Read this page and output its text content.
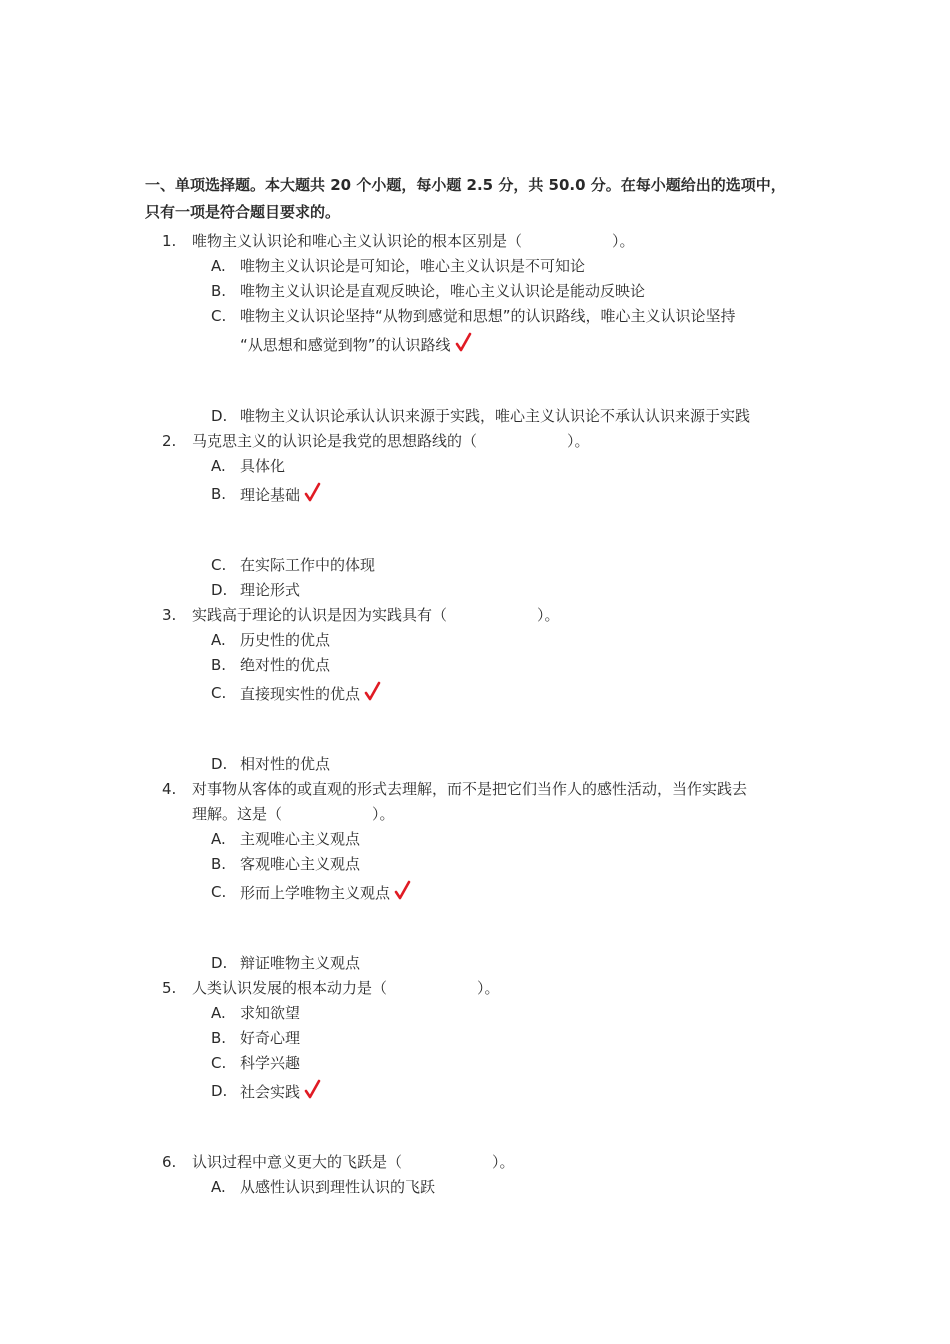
一、单项选择题。本大题共 20 个小题，每小题 2.5 分，共 50.0 分。在每小题给出的选项中，
只有一项是符合题目要求的。
1. 唯物主义认识论和唯心主义认识论的根本区别是（　　　　　　）。
A. 唯物主义认识论是可知论，唯心主义认识是不可知论
B. 唯物主义认识论是直观反映论，唯心主义认识论是能动反映论
C. 唯物主义认识论坚持“从物到感觉和思想”的认识路线，唯心主义认识论坚持
“从思想和感觉到物”的认识路线
D. 唯物主义认识论承认认识来源于实践，唯心主义认识论不承认认识来源于实践
2. 马克思主义的认识论是我党的思想路线的（　　　　　　）。
A. 具体化
B. 理论基础
C. 在实际工作中的体现
D. 理论形式
3. 实践高于理论的认识是因为实践具有（　　　　　　）。
A. 历史性的优点
B. 绝对性的优点
C. 直接现实性的优点
D. 相对性的优点
4. 对事物从客体的或直观的形式去理解，而不是把它们当作人的感性活动，当作实践去
理解。这是（　　　　　　）。
A. 主观唯心主义观点
B. 客观唯心主义观点
C. 形而上学唯物主义观点
D. 辩证唯物主义观点
5. 人类认识发展的根本动力是（　　　　　　）。
A. 求知欲望
B. 好奇心理
C. 科学兴趣
D. 社会实践
6. 认识过程中意义更大的飞跃是（　　　　　　）。
A. 从感性认识到理性认识的飞跃
